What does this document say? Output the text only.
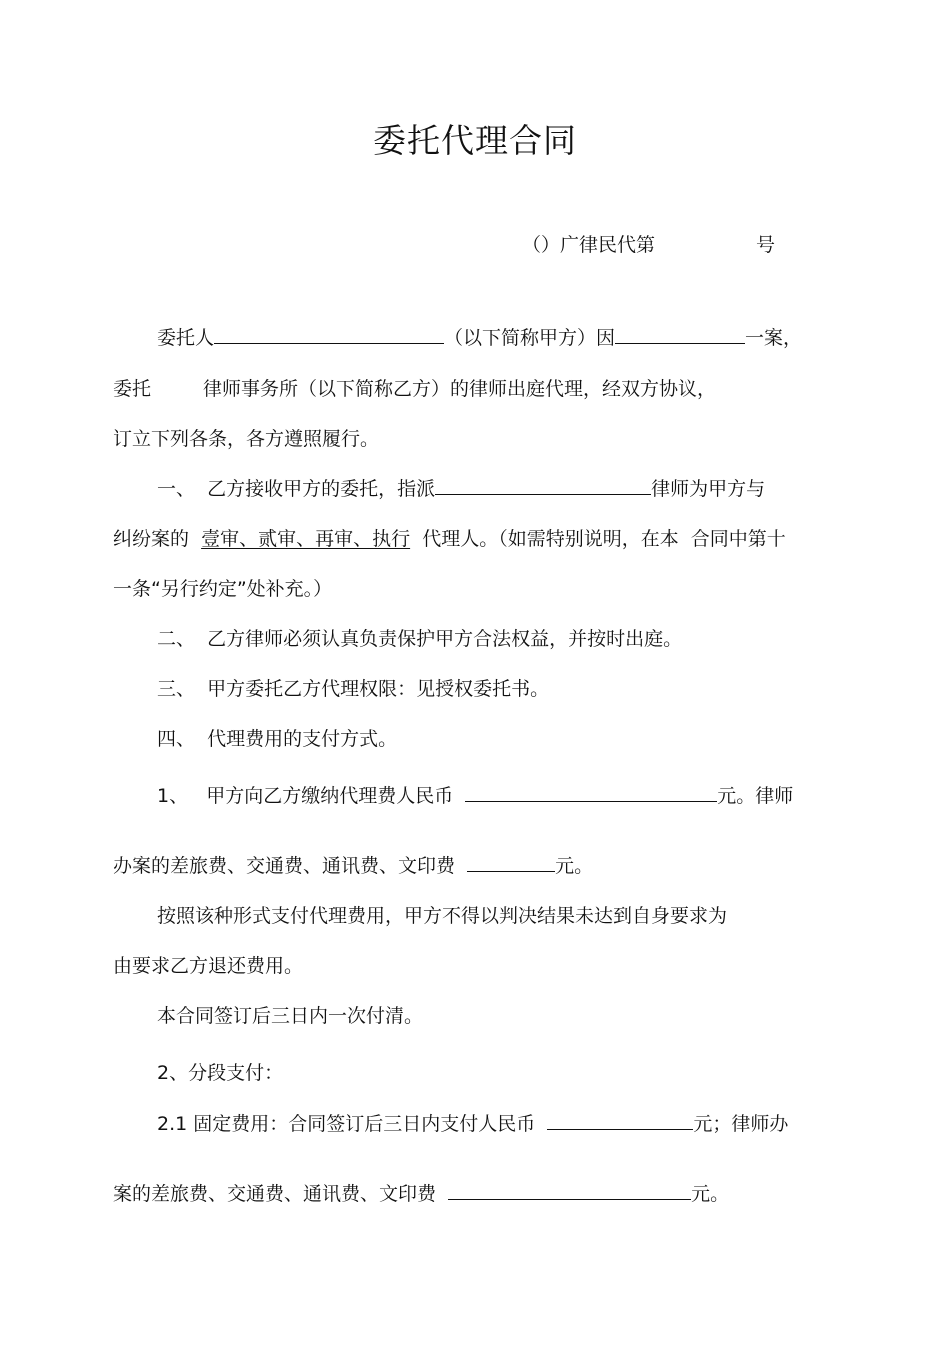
委托代理合同
（）广律民代第	号
委托人	（以下简称甲方）因	一案，
委托	律师事务所（以下简称乙方）的律师出庭代理，经双方协议，
订立下列各条，各方遵照履行。
一、  乙方接收甲方的委托，指派	律师为甲方与
纠纷案的  壹审、贰审、再审、执行  代理人。（如需特别说明，在本  合同中第十
一条“另行约定”处补充。）
二、  乙方律师必须认真负责保护甲方合法权益，并按时出庭。
三、  甲方委托乙方代理权限：见授权委托书。
四、  代理费用的支付方式。
1、   甲方向乙方缴纳代理费人民币	元。律师
办案的差旅费、交通费、通讯费、文印费	元。
按照该种形式支付代理费用，甲方不得以判决结果未达到自身要求为
由要求乙方退还费用。
本合同签订后三日内一次付清。
2、分段支付：
2.1 固定费用：合同签订后三日内支付人民币	元；律师办
案的差旅费、交通费、通讯费、文印费	元。
